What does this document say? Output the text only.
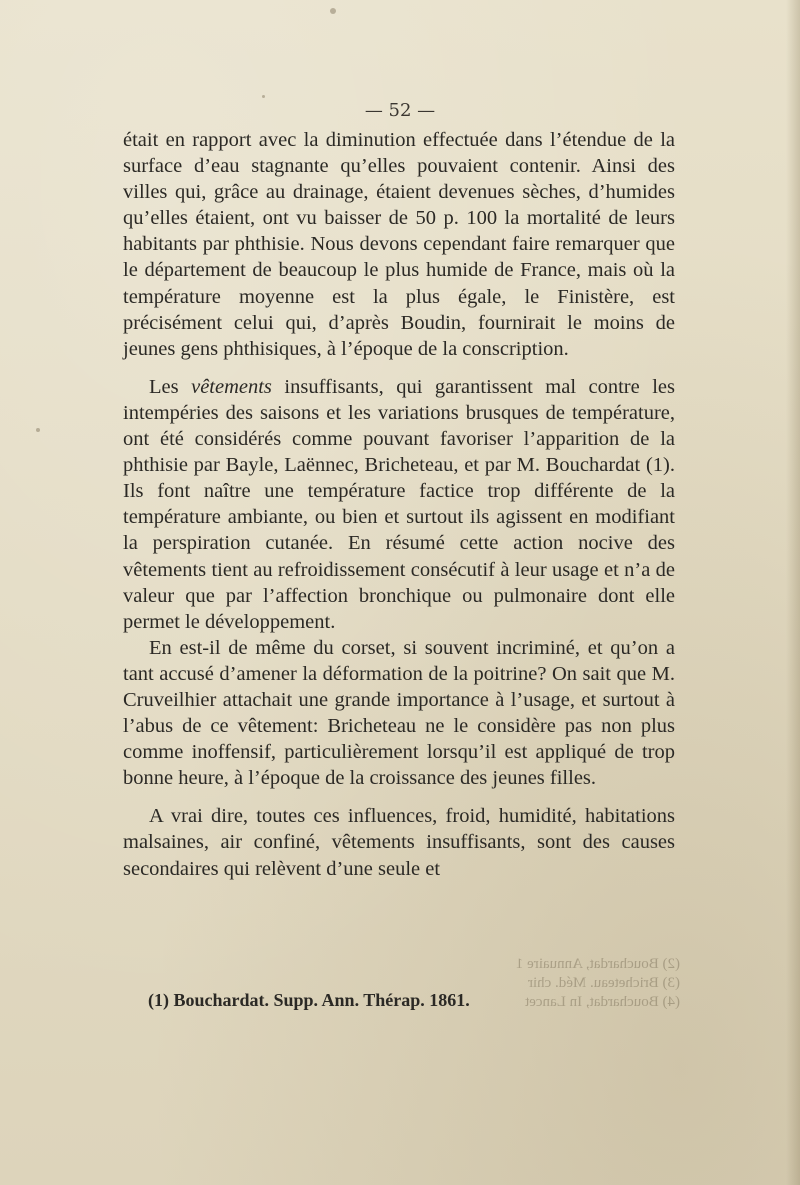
— 52 —

était en rapport avec la diminution effectuée dans l’étendue de la surface d’eau stagnante qu’elles pouvaient contenir. Ainsi des villes qui, grâce au drainage, étaient devenues sèches, d’humides qu’elles étaient, ont vu baisser de 50 p. 100 la mortalité de leurs habitants par phthisie. Nous devons cependant faire remarquer que le département de beaucoup le plus humide de France, mais où la température moyenne est la plus égale, le Finistère, est précisément celui qui, d’après Boudin, fournirait le moins de jeunes gens phthisiques, à l’époque de la conscription.

Les vêtements insuffisants, qui garantissent mal contre les intempéries des saisons et les variations brusques de température, ont été considérés comme pouvant favoriser l’apparition de la phthisie par Bayle, Laënnec, Bricheteau, et par M. Bouchardat (1). Ils font naître une température factice trop différente de la température ambiante, ou bien et surtout ils agissent en modifiant la perspiration cutanée. En résumé cette action nocive des vêtements tient au refroidissement consécutif à leur usage et n’a de valeur que par l’affection bronchique ou pulmonaire dont elle permet le développement.

En est-il de même du corset, si souvent incriminé, et qu’on a tant accusé d’amener la déformation de la poitrine? On sait que M. Cruveilhier attachait une grande importance à l’usage, et surtout à l’abus de ce vêtement: Bricheteau ne le considère pas non plus comme inoffensif, particulièrement lorsqu’il est appliqué de trop bonne heure, à l’époque de la croissance des jeunes filles.

A vrai dire, toutes ces influences, froid, humidité, habitations malsaines, air confiné, vêtements insuffisants, sont des causes secondaires qui relèvent d’une seule et

(2) Bouchardat, Annuaire 1
(3) Bricheteau. Méd. chir
(4) Bouchardat, In Lancet
(1) Bouchardat. Supp. Ann. Thérap. 1861.
